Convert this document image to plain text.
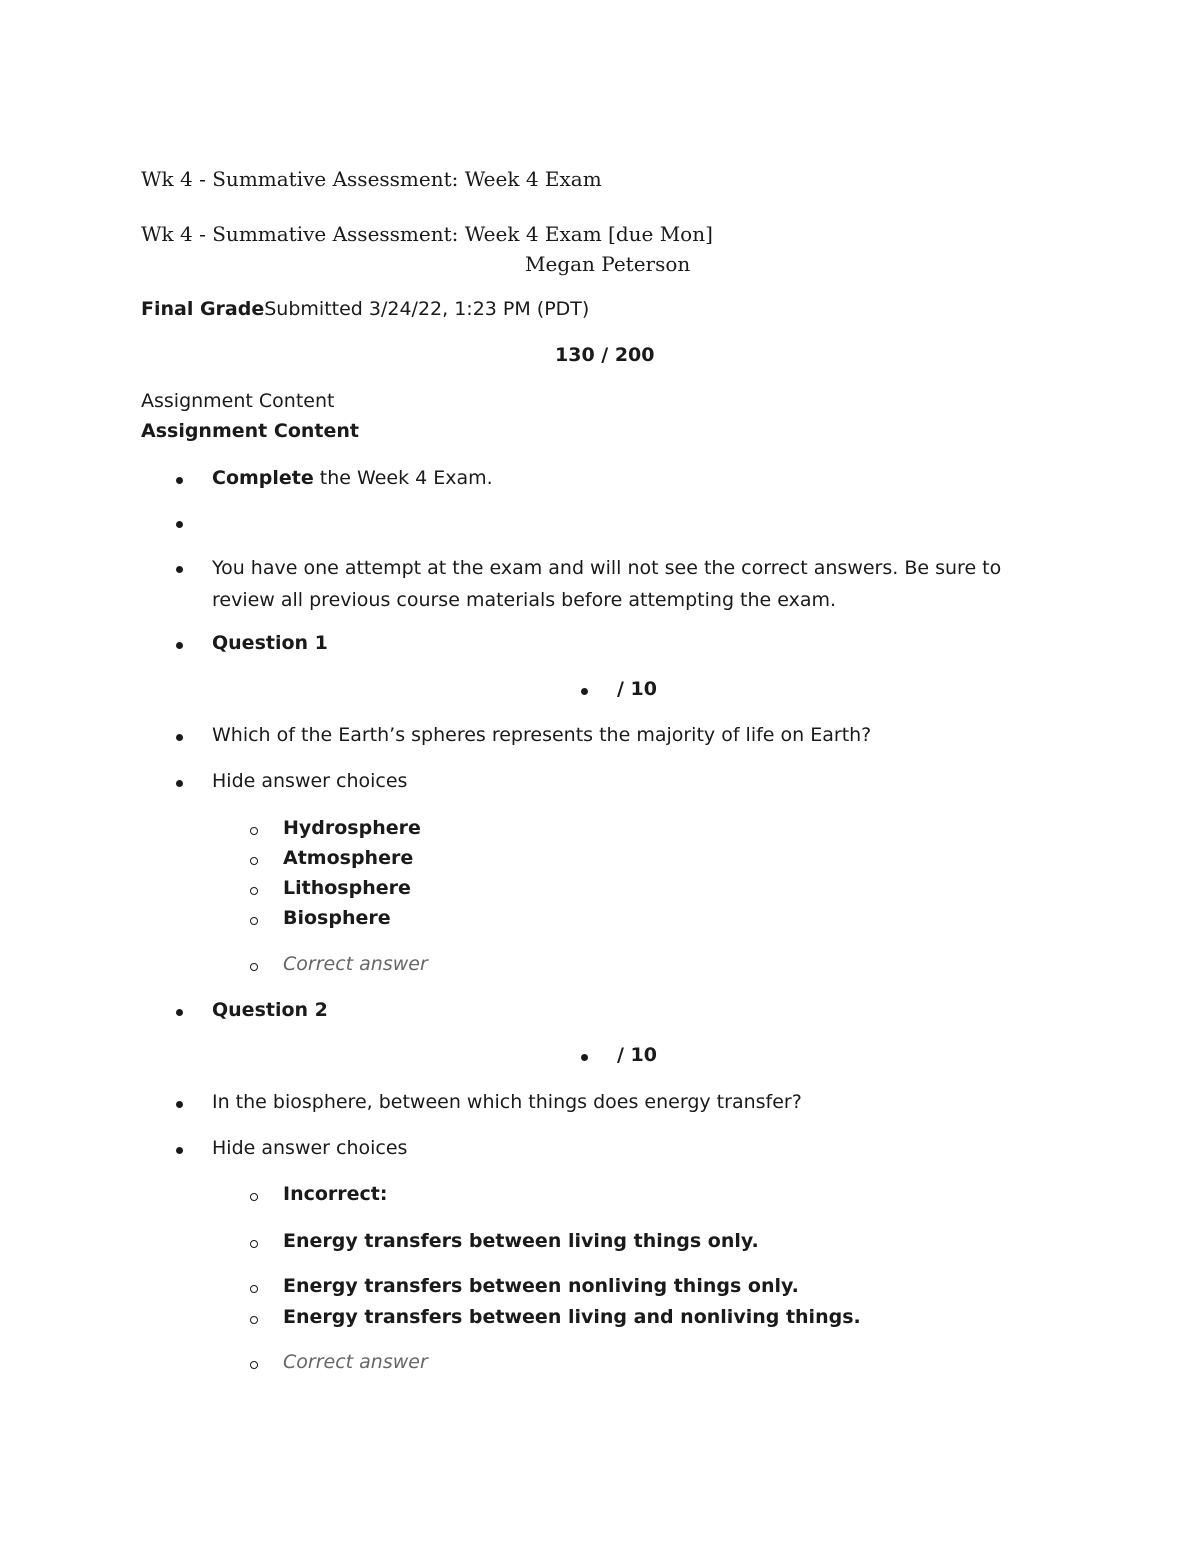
Wk 4 - Summative Assessment: Week 4 Exam
Wk 4 - Summative Assessment: Week 4 Exam [due Mon]
Megan Peterson
Final GradeSubmitted 3/24/22, 1:23 PM (PDT)
130 / 200
Assignment Content
Assignment Content
Complete the Week 4 Exam.
You have one attempt at the exam and will not see the correct answers. Be sure to review all previous course materials before attempting the exam.
Question 1
/ 10
Which of the Earth’s spheres represents the majority of life on Earth?
Hide answer choices
Hydrosphere
Atmosphere
Lithosphere
Biosphere
Correct answer
Question 2
/ 10
In the biosphere, between which things does energy transfer?
Hide answer choices
Incorrect:
Energy transfers between living things only.
Energy transfers between nonliving things only.
Energy transfers between living and nonliving things.
Correct answer
